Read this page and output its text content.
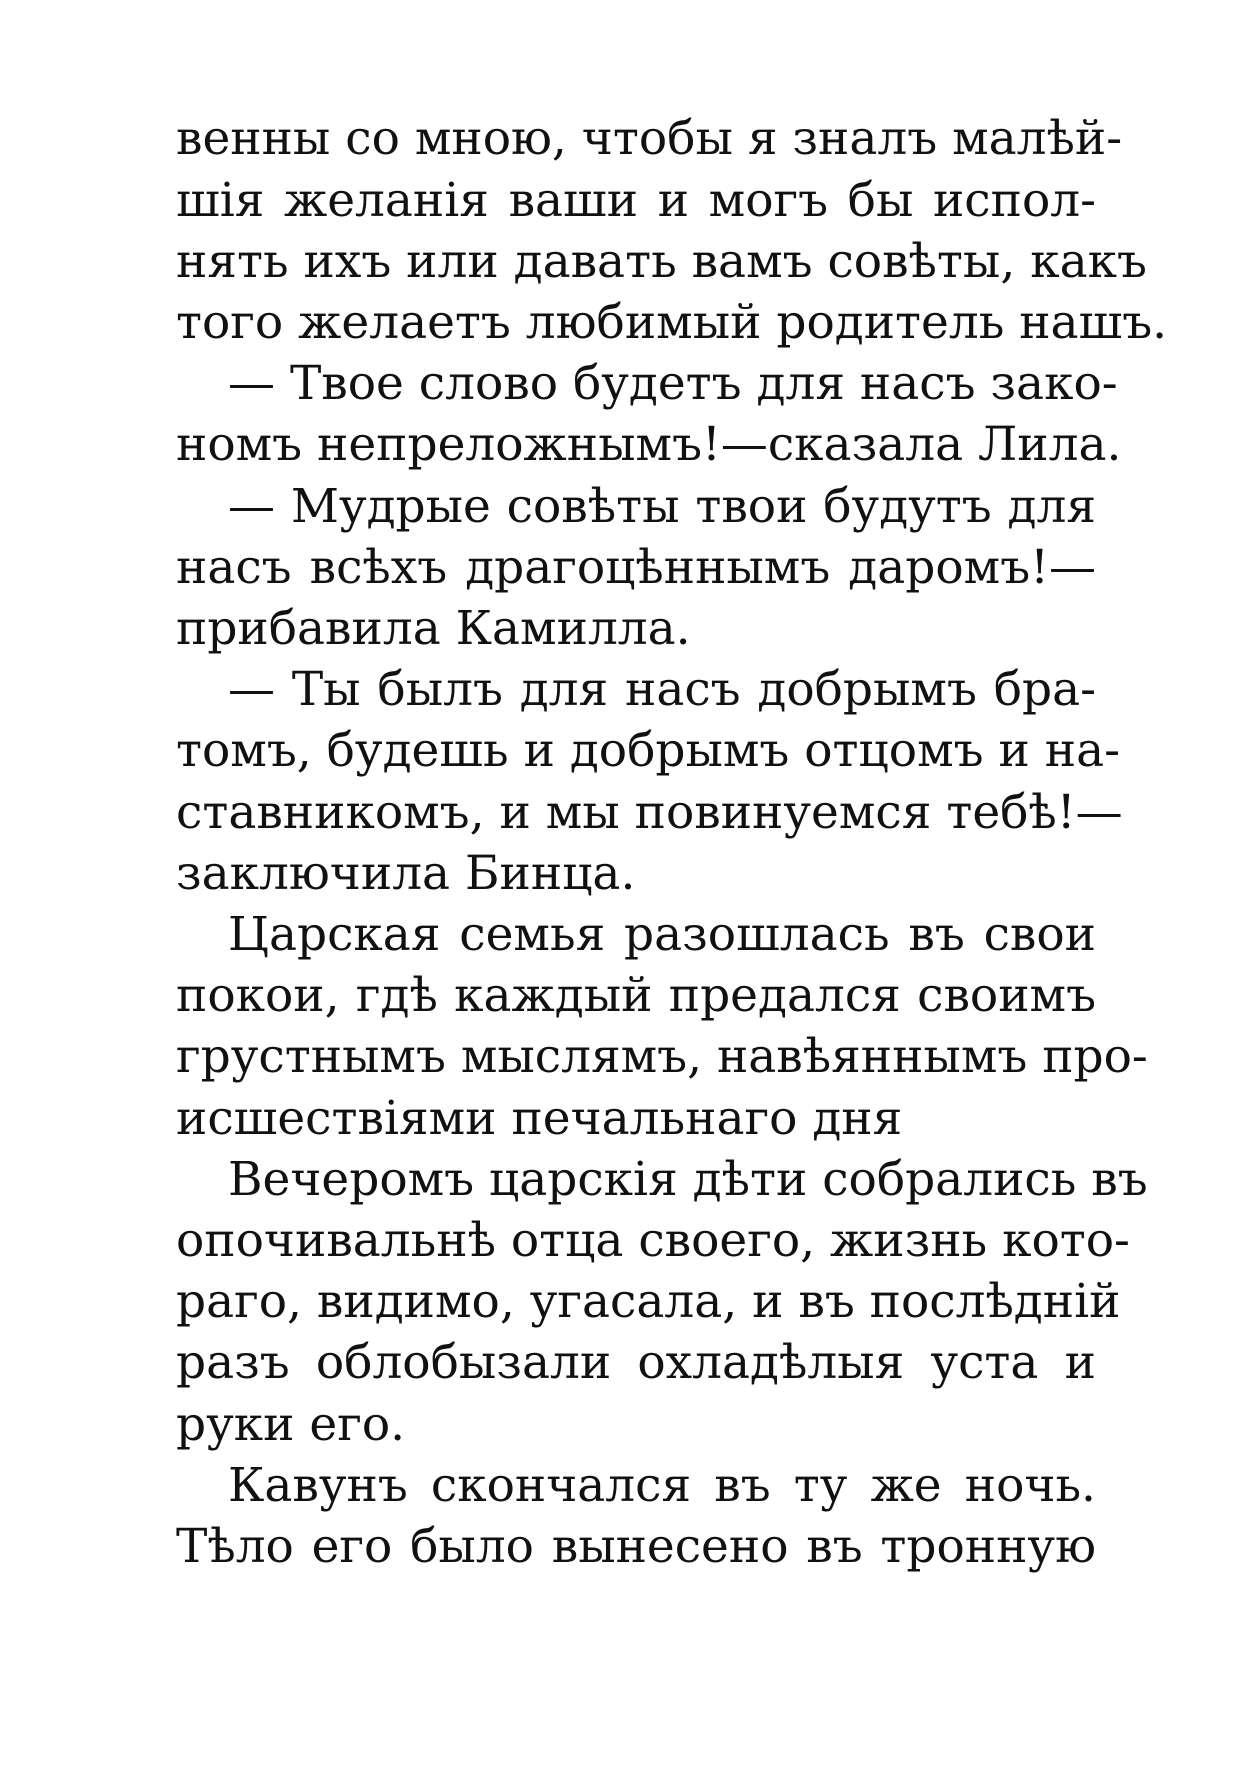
венны со мною, чтобы я зналъ малѣй-
шія желанія ваши и могъ бы испол-
нять ихъ или давать вамъ совѣты, какъ
того желаетъ любимый родитель нашъ.
— Твое слово будетъ для насъ зако-
номъ непреложнымъ!—сказала Лила.
— Мудрые совѣты твои будутъ для
насъ всѣхъ драгоцѣннымъ даромъ!—
прибавила Камилла.
— Ты былъ для насъ добрымъ бра-
томъ, будешь и добрымъ отцомъ и на-
ставникомъ, и мы повинуемся тебѣ!—
заключила Бинца.
Царская семья разошлась въ свои
покои, гдѣ каждый предался своимъ
грустнымъ мыслямъ, навѣяннымъ про-
исшествіями печальнаго дня
Вечеромъ царскія дѣти собрались въ
опочивальнѣ отца своего, жизнь кото-
раго, видимо, угасала, и въ послѣдній
разъ облобызали охладѣлыя уста и
руки его.
Кавунъ скончался въ ту же ночь.
Тѣло его было вынесено въ тронную
